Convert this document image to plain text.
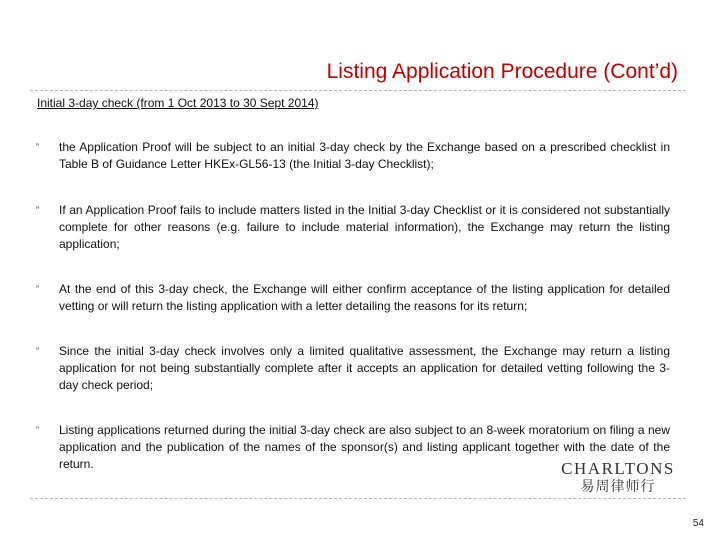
Listing Application Procedure (Cont’d)
Initial 3-day check (from 1 Oct 2013 to 30 Sept 2014)
”	the Application Proof will be subject to an initial 3-day check by the Exchange based on a prescribed checklist in Table B of Guidance Letter HKEx-GL56-13 (the Initial 3-day Checklist);
”	If an Application Proof fails to include matters listed in the Initial 3-day Checklist or it is considered not substantially complete for other reasons (e.g. failure to include material information), the Exchange may return the listing application;
”	At the end of this 3-day check, the Exchange will either confirm acceptance of the listing application for detailed vetting or will return the listing application with a letter detailing the reasons for its return;
”	Since the initial 3-day check involves only a limited qualitative assessment, the Exchange may return a listing application for not being substantially complete after it accepts an application for detailed vetting following the 3-day check period;
”	Listing applications returned during the initial 3-day check are also subject to an 8-week moratorium on filing a new application and the publication of the names of the sponsor(s) and listing applicant together with the date of the return.	CHARLTONS
易周律师行
54
